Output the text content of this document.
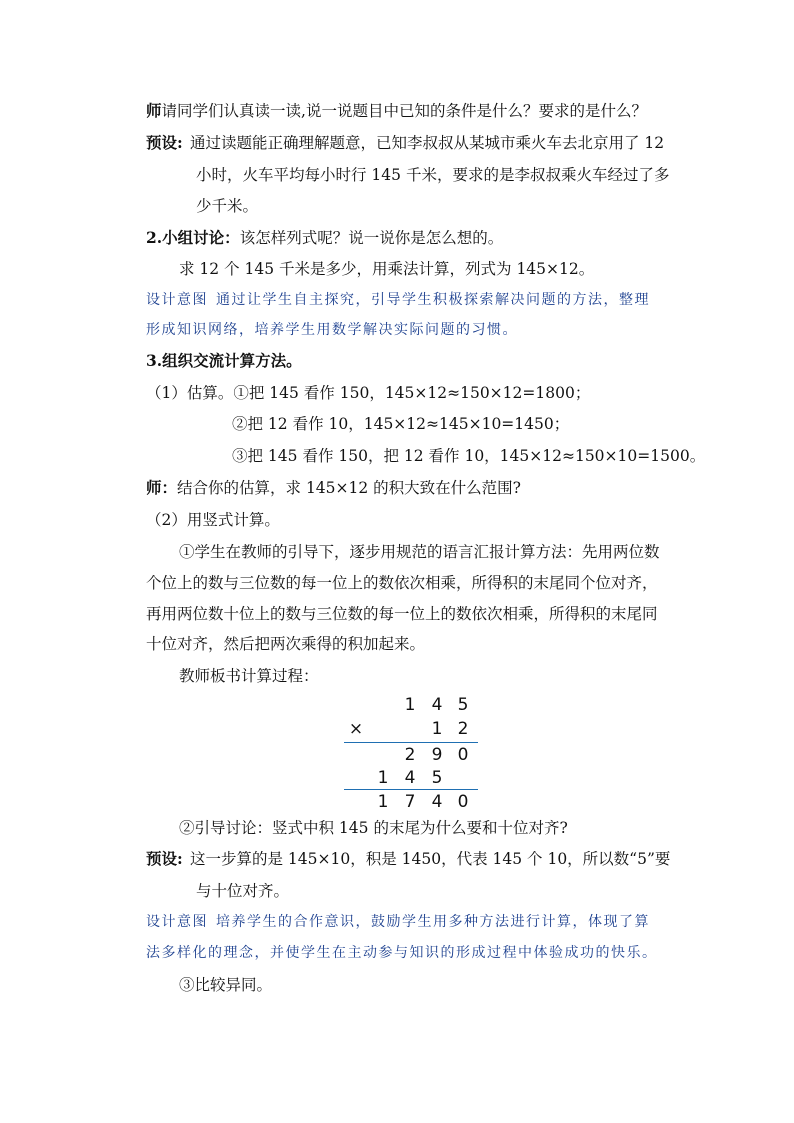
师请同学们认真读一读,说一说题目中已知的条件是什么？要求的是什么？
预设: 通过读题能正确理解题意，已知李叔叔从某城市乘火车去北京用了 12
小时，火车平均每小时行 145 千米，要求的是李叔叔乘火车经过了多
少千米。
2.小组讨论：该怎样列式呢？说一说你是怎么想的。
求 12 个 145 千米是多少，用乘法计算，列式为 145×12。
设计意图 通过让学生自主探究，引导学生积极探索解决问题的方法，整理
形成知识网络，培养学生用数学解决实际问题的习惯。
3.组织交流计算方法。
（1）估算。①把 145 看作 150，145×12≈150×12=1800；
②把 12 看作 10，145×12≈145×10=1450；
③把 145 看作 150，把 12 看作 10，145×12≈150×10=1500。
师：结合你的估算，求 145×12 的积大致在什么范围?
（2）用竖式计算。
①学生在教师的引导下，逐步用规范的语言汇报计算方法：先用两位数
个位上的数与三位数的每一位上的数依次相乘，所得积的末尾同个位对齐，
再用两位数十位上的数与三位数的每一位上的数依次相乘，所得积的末尾同
十位对齐，然后把两次乘得的积加起来。
教师板书计算过程：
1 4 5
×	1 2
2 9 0
1 4 5
1 7 4 0
②引导讨论：竖式中积 145 的末尾为什么要和十位对齐?
预设: 这一步算的是 145×10，积是 1450，代表 145 个 10，所以数“5”要
与十位对齐。
设计意图 培养学生的合作意识，鼓励学生用多种方法进行计算，体现了算
法多样化的理念，并使学生在主动参与知识的形成过程中体验成功的快乐。
③比较异同。
